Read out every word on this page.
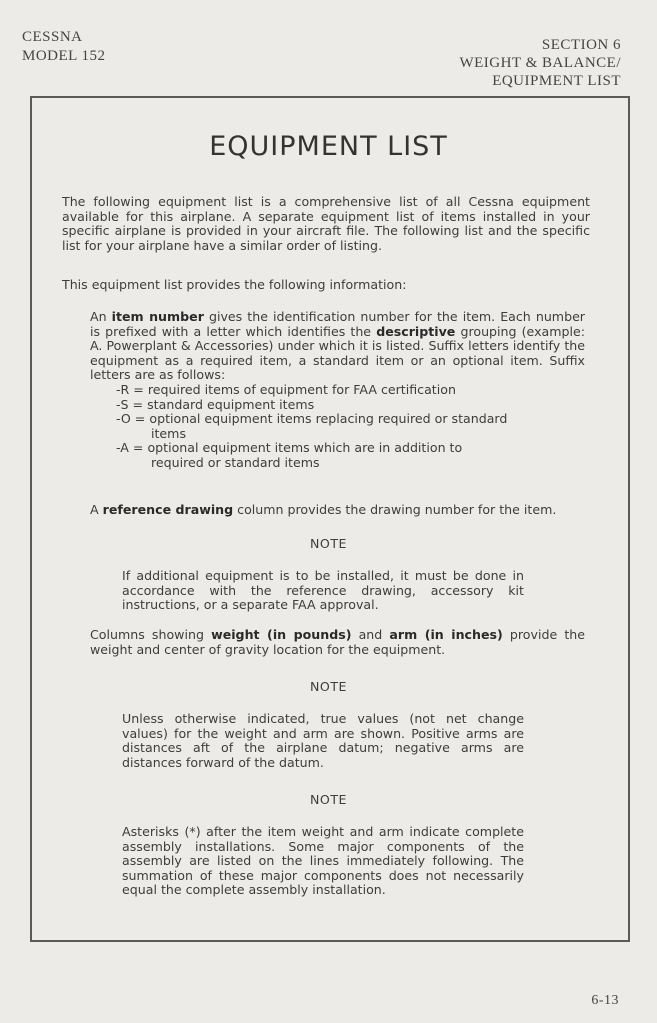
CESSNA
MODEL 152
SECTION 6
WEIGHT & BALANCE/
EQUIPMENT LIST
EQUIPMENT LIST
The following equipment list is a comprehensive list of all Cessna equipment available for this airplane. A separate equipment list of items installed in your specific airplane is provided in your aircraft file. The following list and the specific list for your airplane have a similar order of listing.
This equipment list provides the following information:
An item number gives the identification number for the item. Each number is prefixed with a letter which identifies the descriptive grouping (example: A. Powerplant & Accessories) under which it is listed. Suffix letters identify the equipment as a required item, a standard item or an optional item. Suffix letters are as follows:
-R = required items of equipment for FAA certification
-S = standard equipment items
-O = optional equipment items replacing required or standard
items
-A = optional equipment items which are in addition to
required or standard items
A reference drawing column provides the drawing number for the item.
NOTE
If additional equipment is to be installed, it must be done in accordance with the reference drawing, accessory kit instructions, or a separate FAA approval.
Columns showing weight (in pounds) and arm (in inches) provide the weight and center of gravity location for the equipment.
NOTE
Unless otherwise indicated, true values (not net change values) for the weight and arm are shown. Positive arms are distances aft of the airplane datum; negative arms are distances forward of the datum.
NOTE
Asterisks (*) after the item weight and arm indicate complete assembly installations. Some major components of the assembly are listed on the lines immediately following. The summation of these major components does not necessarily equal the complete assembly installation.
6-13
